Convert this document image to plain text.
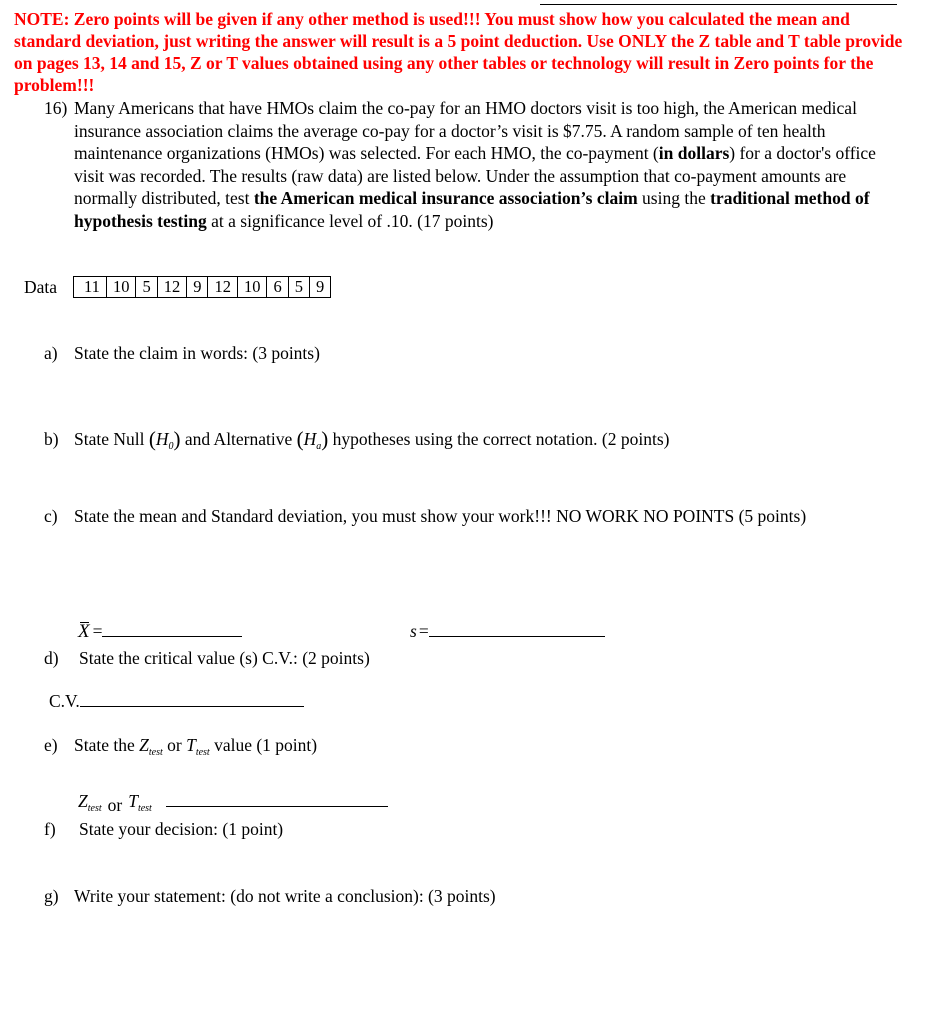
NOTE: Zero points will be given if any other method is used!!! You must show how you calculated the mean and standard deviation, just writing the answer will result is a 5 point deduction. Use ONLY the Z table and T table provide on pages 13, 14 and 15, Z or T values obtained using any other tables or technology will result in Zero points for the problem!!!
16) Many Americans that have HMOs claim the co-pay for an HMO doctors visit is too high, the American medical insurance association claims the average co-pay for a doctor’s visit is $7.75. A random sample of ten health maintenance organizations (HMOs) was selected. For each HMO, the co-payment (in dollars) for a doctor's office visit was recorded. The results (raw data) are listed below. Under the assumption that co-payment amounts are normally distributed, test the American medical insurance association’s claim using the traditional method of hypothesis testing at a significance level of .10. (17 points)
Data 11	10	5	12	9	12	10	6	5	9
a) State the claim in words: (3 points)
b) State Null $(H_0)$ and Alternative $(H_a)$ hypotheses using the correct notation. (2 points)
c) State the mean and Standard deviation, you must show your work!!! NO WORK NO POINTS (5 points)
X =	s =
d) State the critical value (s) C.V.: (2 points)
C.V.
e) State the $Z_{test}$ or $T_{test}$ value (1 point)
$Z_{test}$ or $T_{test}$
f) State your decision: (1 point)
g) Write your statement: (do not write a conclusion): (3 points)
